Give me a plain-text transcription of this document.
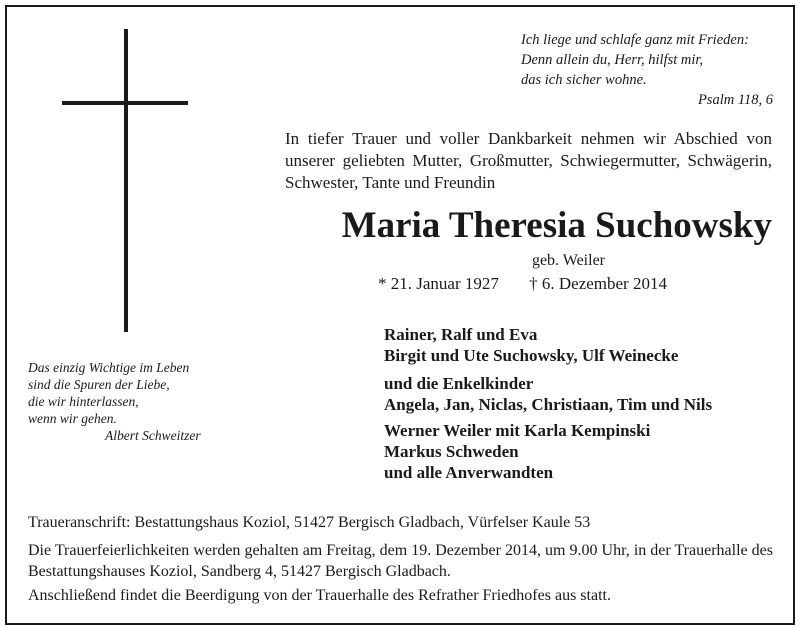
Ich liege und schlafe ganz mit Frieden:
Denn allein du, Herr, hilfst mir,
das ich sicher wohne.
Psalm 118, 6
In tiefer Trauer und voller Dankbarkeit nehmen wir Abschied von unserer geliebten Mutter, Großmutter, Schwiegermutter, Schwägerin, Schwester, Tante und Freundin
Maria Theresia Suchowsky
geb. Weiler
* 21. Januar 1927 † 6. Dezember 2014
Rainer, Ralf und Eva
Birgit und Ute Suchowsky, Ulf Weinecke
und die Enkelkinder
Angela, Jan, Niclas, Christiaan, Tim und Nils
Werner Weiler mit Karla Kempinski
Markus Schweden
und alle Anverwandten
Das einzig Wichtige im Leben
sind die Spuren der Liebe,
die wir hinterlassen,
wenn wir gehen.
Albert Schweitzer

Traueranschrift: Bestattungshaus Koziol, 51427 Bergisch Gladbach, Vürfelser Kaule 53

Die Trauerfeierlichkeiten werden gehalten am Freitag, dem 19. Dezember 2014, um 9.00 Uhr, in der Trauerhalle des Bestattungshauses Koziol, Sandberg 4, 51427 Bergisch Gladbach.

Anschließend findet die Beerdigung von der Trauerhalle des Refrather Friedhofes aus statt.
